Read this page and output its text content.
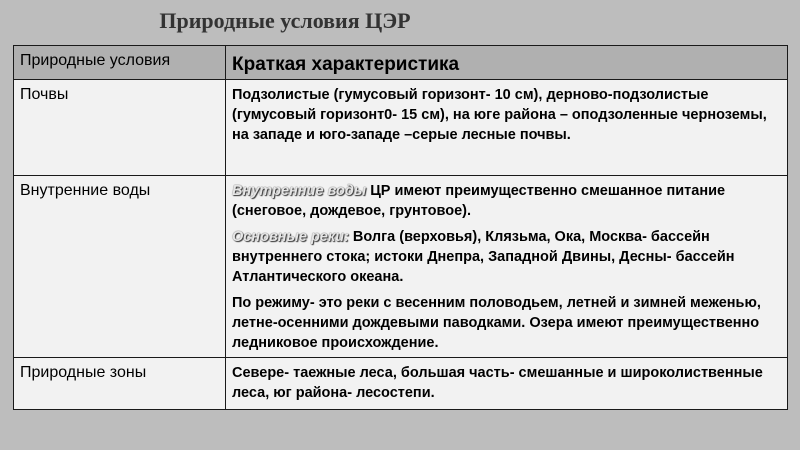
Природные условия ЦЭР
Природные условия	Краткая характеристика
Почвы	Подзолистые (гумусовый горизонт- 10 см), дерново-подзолистые (гумусовый горизонт0- 15 см), на юге района – оподзоленные черноземы, на западе и юго-западе –серые лесные почвы.
Внутренние воды	Внутренние воды ЦР имеют преимущественно смешанное питание (снеговое, дождевое, грунтовое).
Основные реки: Волга (верховья), Клязьма, Ока, Москва- бассейн внутреннего стока; истоки Днепра, Западной Двины, Десны- бассейн Атлантического океана.
По режиму- это реки с весенним половодьем, летней и зимней меженью, летне-осенними дождевыми паводками. Озера имеют преимущественно ледниковое происхождение.

Природные зоны	Севере- таежные леса, большая часть- смешанные и широколиственные леса, юг района- лесостепи.
